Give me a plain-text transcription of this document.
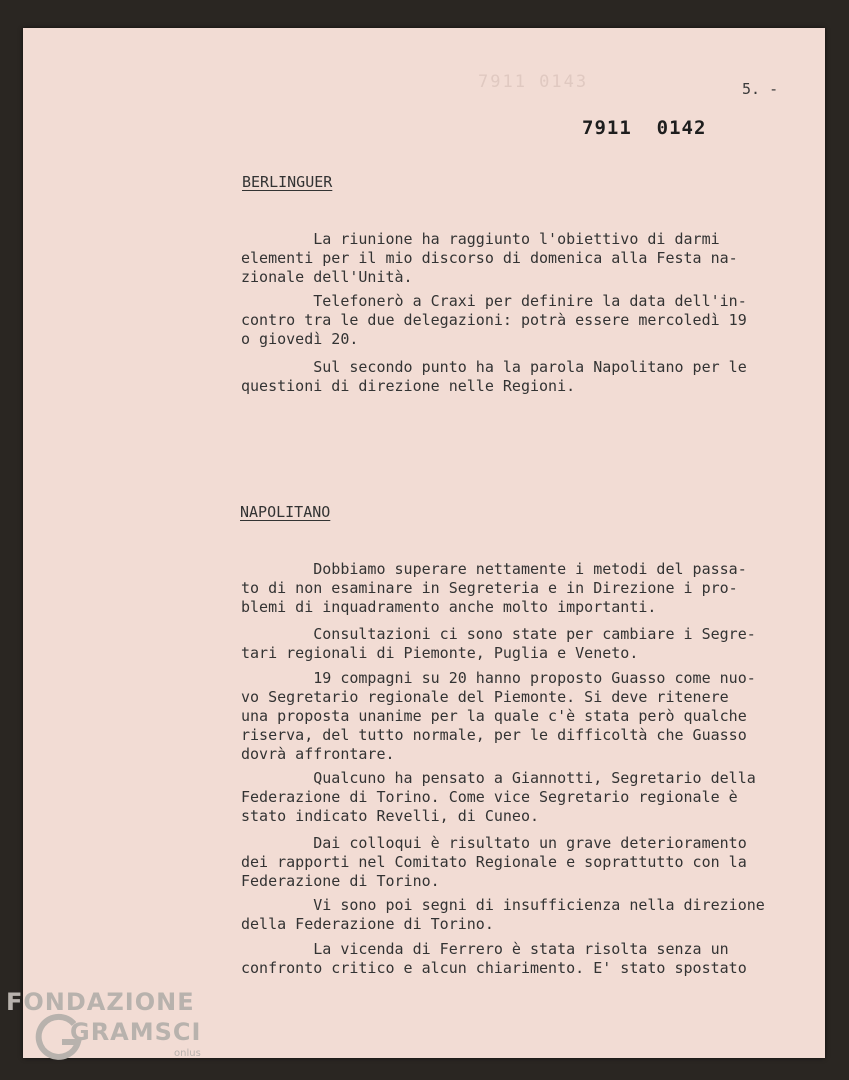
7911 0143	5. -
7911  0142
BERLINGUER

La riunione ha raggiunto l'obiettivo di darmi
elementi per il mio discorso di domenica alla Festa na-
zionale dell'Unità.

Telefonerò a Craxi per definire la data dell'in-
contro tra le due delegazioni: potrà essere mercoledì 19
o giovedì 20.

Sul secondo punto ha la parola Napolitano per le
questioni di direzione nelle Regioni.

NAPOLITANO

Dobbiamo superare nettamente i metodi del passa-
to di non esaminare in Segreteria e in Direzione i pro-
blemi di inquadramento anche molto importanti.

Consultazioni ci sono state per cambiare i Segre-
tari regionali di Piemonte, Puglia e Veneto.

19 compagni su 20 hanno proposto Guasso come nuo-
vo Segretario regionale del Piemonte. Si deve ritenere
una proposta unanime per la quale c'è stata però qualche
riserva, del tutto normale, per le difficoltà che Guasso
dovrà affrontare.

Qualcuno ha pensato a Giannotti, Segretario della
Federazione di Torino. Come vice Segretario regionale è
stato indicato Revelli, di Cuneo.

Dai colloqui è risultato un grave deterioramento
dei rapporti nel Comitato Regionale e soprattutto con la
Federazione di Torino.

Vi sono poi segni di insufficienza nella direzione
della Federazione di Torino.

La vicenda di Ferrero è stata risolta senza un
confronto critico e alcun chiarimento. E' stato spostato

FONDAZIONE
GRAMSCI
onlus
